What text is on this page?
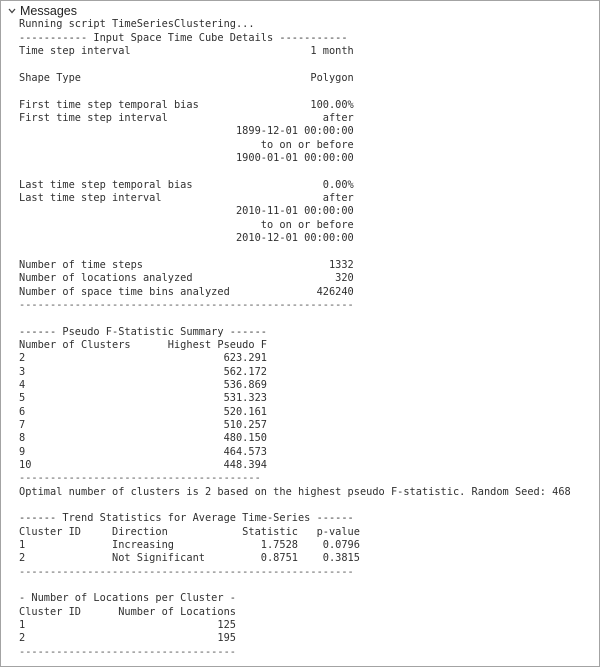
Messages
Running script TimeSeriesClustering...
----------- Input Space Time Cube Details -----------
Time step interval                             1 month
Shape Type                                     Polygon
First time step temporal bias                  100.00%
First time step interval                         after
1899-12-01 00:00:00
to on or before
1900-01-01 00:00:00
Last time step temporal bias                     0.00%
Last time step interval                          after
2010-11-01 00:00:00
to on or before
2010-12-01 00:00:00
Number of time steps                              1332
Number of locations analyzed                       320
Number of space time bins analyzed              426240
------------------------------------------------------
------ Pseudo F-Statistic Summary ------
Number of Clusters      Highest Pseudo F
2                                623.291
3                                562.172
4                                536.869
5                                531.323
6                                520.161
7                                510.257
8                                480.150
9                                464.573
10                               448.394
---------------------------------------
Optimal number of clusters is 2 based on the highest pseudo F-statistic. Random Seed: 468
------ Trend Statistics for Average Time-Series ------
Cluster ID     Direction            Statistic   p-value
1              Increasing              1.7528    0.0796
2              Not Significant         0.8751    0.3815
------------------------------------------------------
- Number of Locations per Cluster -
Cluster ID      Number of Locations
1                               125
2                               195
-----------------------------------
